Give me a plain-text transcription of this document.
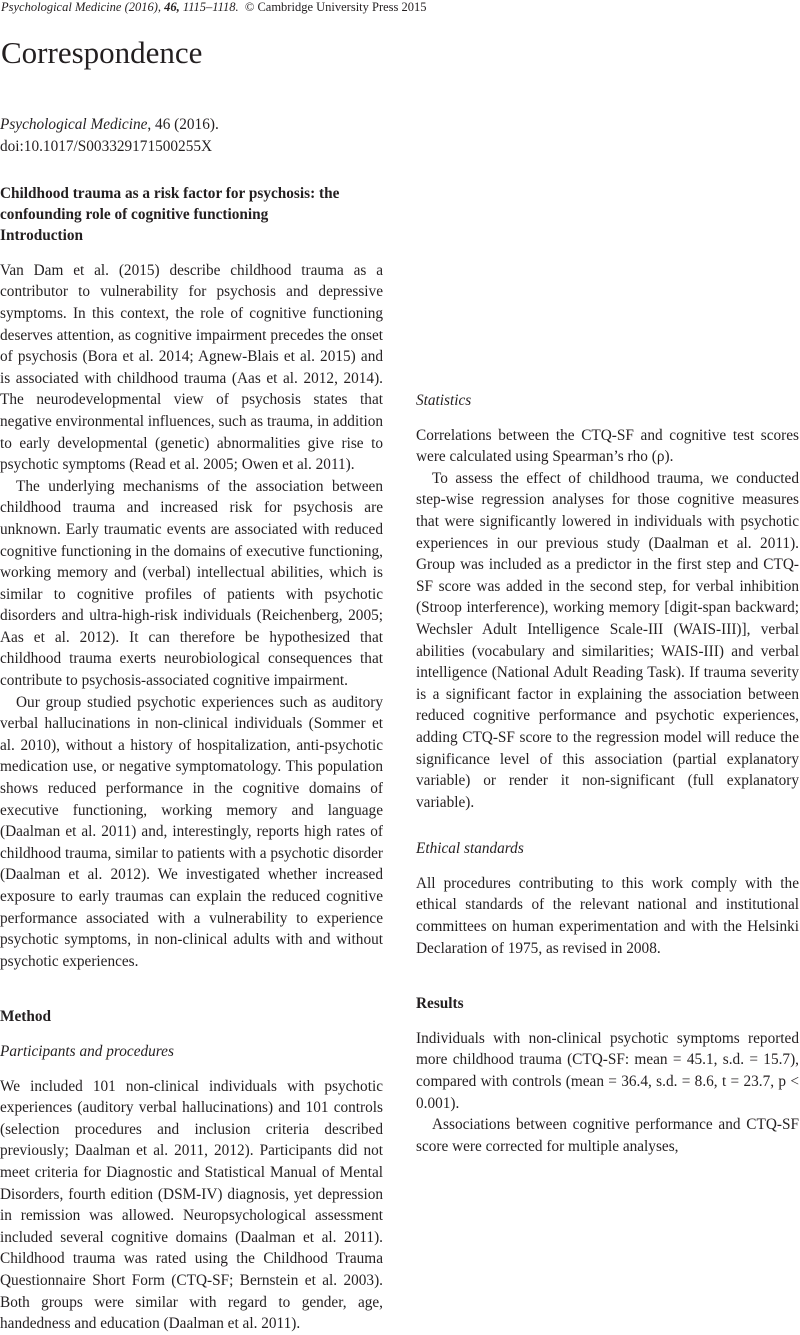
Psychological Medicine (2016), 46, 1115–1118. © Cambridge University Press 2015
Correspondence

Psychological Medicine, 46 (2016).

doi:10.1017/S003329171500255X

Childhood trauma as a risk factor for psychosis: the confounding role of cognitive functioning

Introduction

Van Dam et al. (2015) describe childhood trauma as a contributor to vulnerability for psychosis and depressive symptoms. In this context, the role of cognitive functioning deserves attention, as cognitive impairment precedes the onset of psychosis (Bora et al. 2014; Agnew-Blais et al. 2015) and is associated with childhood trauma (Aas et al. 2012, 2014). The neurodevelopmental view of psychosis states that negative environmental influences, such as trauma, in addition to early developmental (genetic) abnormalities give rise to psychotic symptoms (Read et al. 2005; Owen et al. 2011).

The underlying mechanisms of the association between childhood trauma and increased risk for psychosis are unknown. Early traumatic events are associated with reduced cognitive functioning in the domains of executive functioning, working memory and (verbal) intellectual abilities, which is similar to cognitive profiles of patients with psychotic disorders and ultra-high-risk individuals (Reichenberg, 2005; Aas et al. 2012). It can therefore be hypothesized that childhood trauma exerts neurobiological consequences that contribute to psychosis-associated cognitive impairment.

Our group studied psychotic experiences such as auditory verbal hallucinations in non-clinical individuals (Sommer et al. 2010), without a history of hospitalization, anti-psychotic medication use, or negative symptomatology. This population shows reduced performance in the cognitive domains of executive functioning, working memory and language (Daalman et al. 2011) and, interestingly, reports high rates of childhood trauma, similar to patients with a psychotic disorder (Daalman et al. 2012). We investigated whether increased exposure to early traumas can explain the reduced cognitive performance associated with a vulnerability to experience psychotic symptoms, in non-clinical adults with and without psychotic experiences.

Method
Participants and procedures

We included 101 non-clinical individuals with psychotic experiences (auditory verbal hallucinations) and 101 controls (selection procedures and inclusion criteria described previously; Daalman et al. 2011, 2012). Participants did not meet criteria for Diagnostic and Statistical Manual of Mental Disorders, fourth edition (DSM-IV) diagnosis, yet depression in remission was allowed. Neuropsychological assessment included several cognitive domains (Daalman et al. 2011). Childhood trauma was rated using the Childhood Trauma Questionnaire Short Form (CTQ-SF; Bernstein et al. 2003). Both groups were similar with regard to gender, age, handedness and education (Daalman et al. 2011).

Statistics

Correlations between the CTQ-SF and cognitive test scores were calculated using Spearman’s rho (ρ).

To assess the effect of childhood trauma, we conducted step-wise regression analyses for those cognitive measures that were significantly lowered in individuals with psychotic experiences in our previous study (Daalman et al. 2011). Group was included as a predictor in the first step and CTQ-SF score was added in the second step, for verbal inhibition (Stroop interference), working memory [digit-span backward; Wechsler Adult Intelligence Scale-III (WAIS-III)], verbal abilities (vocabulary and similarities; WAIS-III) and verbal intelligence (National Adult Reading Task). If trauma severity is a significant factor in explaining the association between reduced cognitive performance and psychotic experiences, adding CTQ-SF score to the regression model will reduce the significance level of this association (partial explanatory variable) or render it non-significant (full explanatory variable).

Ethical standards

All procedures contributing to this work comply with the ethical standards of the relevant national and institutional committees on human experimentation and with the Helsinki Declaration of 1975, as revised in 2008.

Results

Individuals with non-clinical psychotic symptoms reported more childhood trauma (CTQ-SF: mean = 45.1, s.d. = 15.7), compared with controls (mean = 36.4, s.d. = 8.6, t = 23.7, p < 0.001).

Associations between cognitive performance and CTQ-SF score were corrected for multiple analyses,
